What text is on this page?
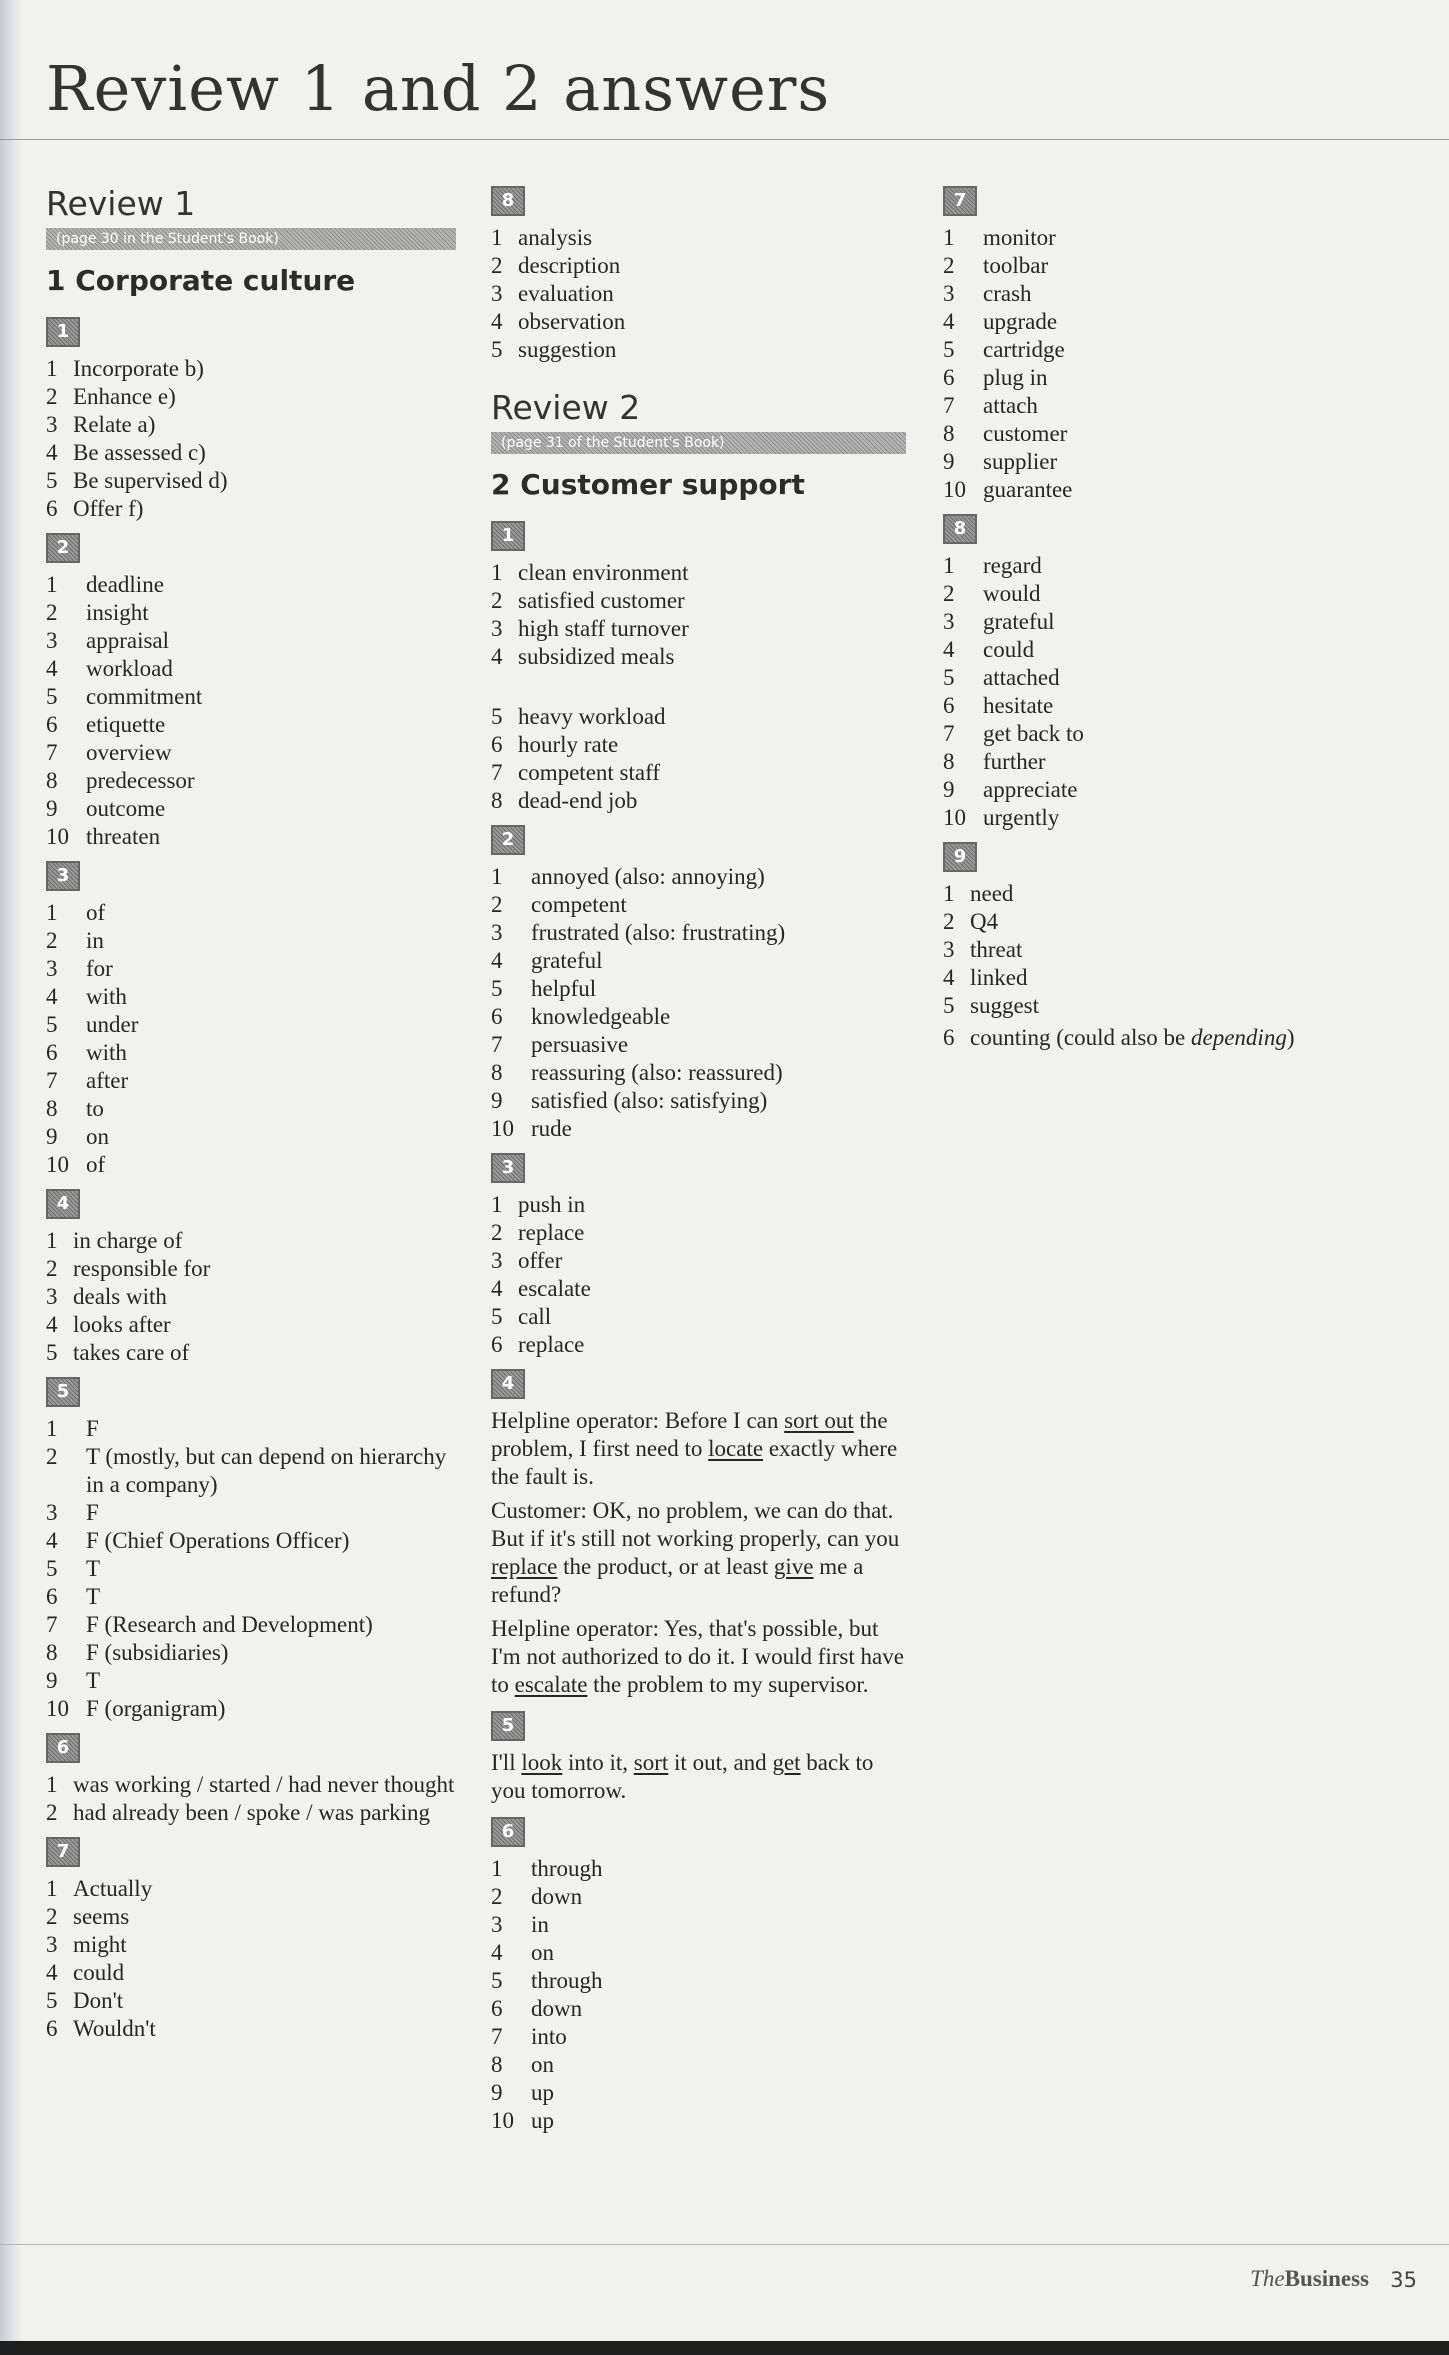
Review 1 and 2 answers
Review 1
(page 30 in the Student's Book)
1 Corporate culture
1
1 Incorporate b)
2 Enhance e)
3 Relate a)
4 Be assessed c)
5 Be supervised d)
6 Offer f)
2
1	deadline
2	insight
3	appraisal
4	workload
5	commitment
6	etiquette
7	overview
8	predecessor
9	outcome
10 threaten
3
1	of
2	in
3	for
4	with
5	under
6	with
7	after
8	to
9	on
10 of
4
1 in charge of
2 responsible for
3 deals with
4 looks after
5 takes care of
5
1	F
2	T (mostly, but can depend on hierarchy in a company)
3	F
4	F (Chief Operations Officer)
5	T
6	T
7	F (Research and Development)
8	F (subsidiaries)
9	T
10 F (organigram)
6
1 was working / started / had never thought
2 had already been / spoke / was parking
7
1 Actually
2 seems
3 might
4 could
5 Don't
6 Wouldn't
8
1 analysis
2 description
3 evaluation
4 observation
5 suggestion
Review 2
(page 31 of the Student's Book)
2 Customer support
1
1 clean environment
2 satisfied customer
3 high staff turnover
4 subsidized meals
5 heavy workload
6 hourly rate
7 competent staff
8 dead-end job
2
1	annoyed (also: annoying)
2	competent
3	frustrated (also: frustrating)
4	grateful
5	helpful
6	knowledgeable
7	persuasive
8	reassuring (also: reassured)
9	satisfied (also: satisfying)
10 rude
3
1 push in
2 replace
3 offer
4 escalate
5 call
6 replace
4

Helpline operator: Before I can sort out the problem, I first need to locate exactly where the fault is.

Customer: OK, no problem, we can do that. But if it's still not working properly, can you replace the product, or at least give me a refund?

Helpline operator: Yes, that's possible, but I'm not authorized to do it. I would first have to escalate the problem to my supervisor.

5

I'll look into it, sort it out, and get back to you tomorrow.

6
1	through
2	down
3	in
4	on
5	through
6	down
7	into
8	on
9	up
10 up
7
1	monitor
2	toolbar
3	crash
4	upgrade
5	cartridge
6	plug in
7	attach
8	customer
9	supplier
10 guarantee
8
1	regard
2	would
3	grateful
4	could
5	attached
6	hesitate
7	get back to
8	further
9	appreciate
10 urgently
9
1 need
2 Q4
3 threat
4 linked
5 suggest
6 counting (could also be depending)
TheBusiness 35
